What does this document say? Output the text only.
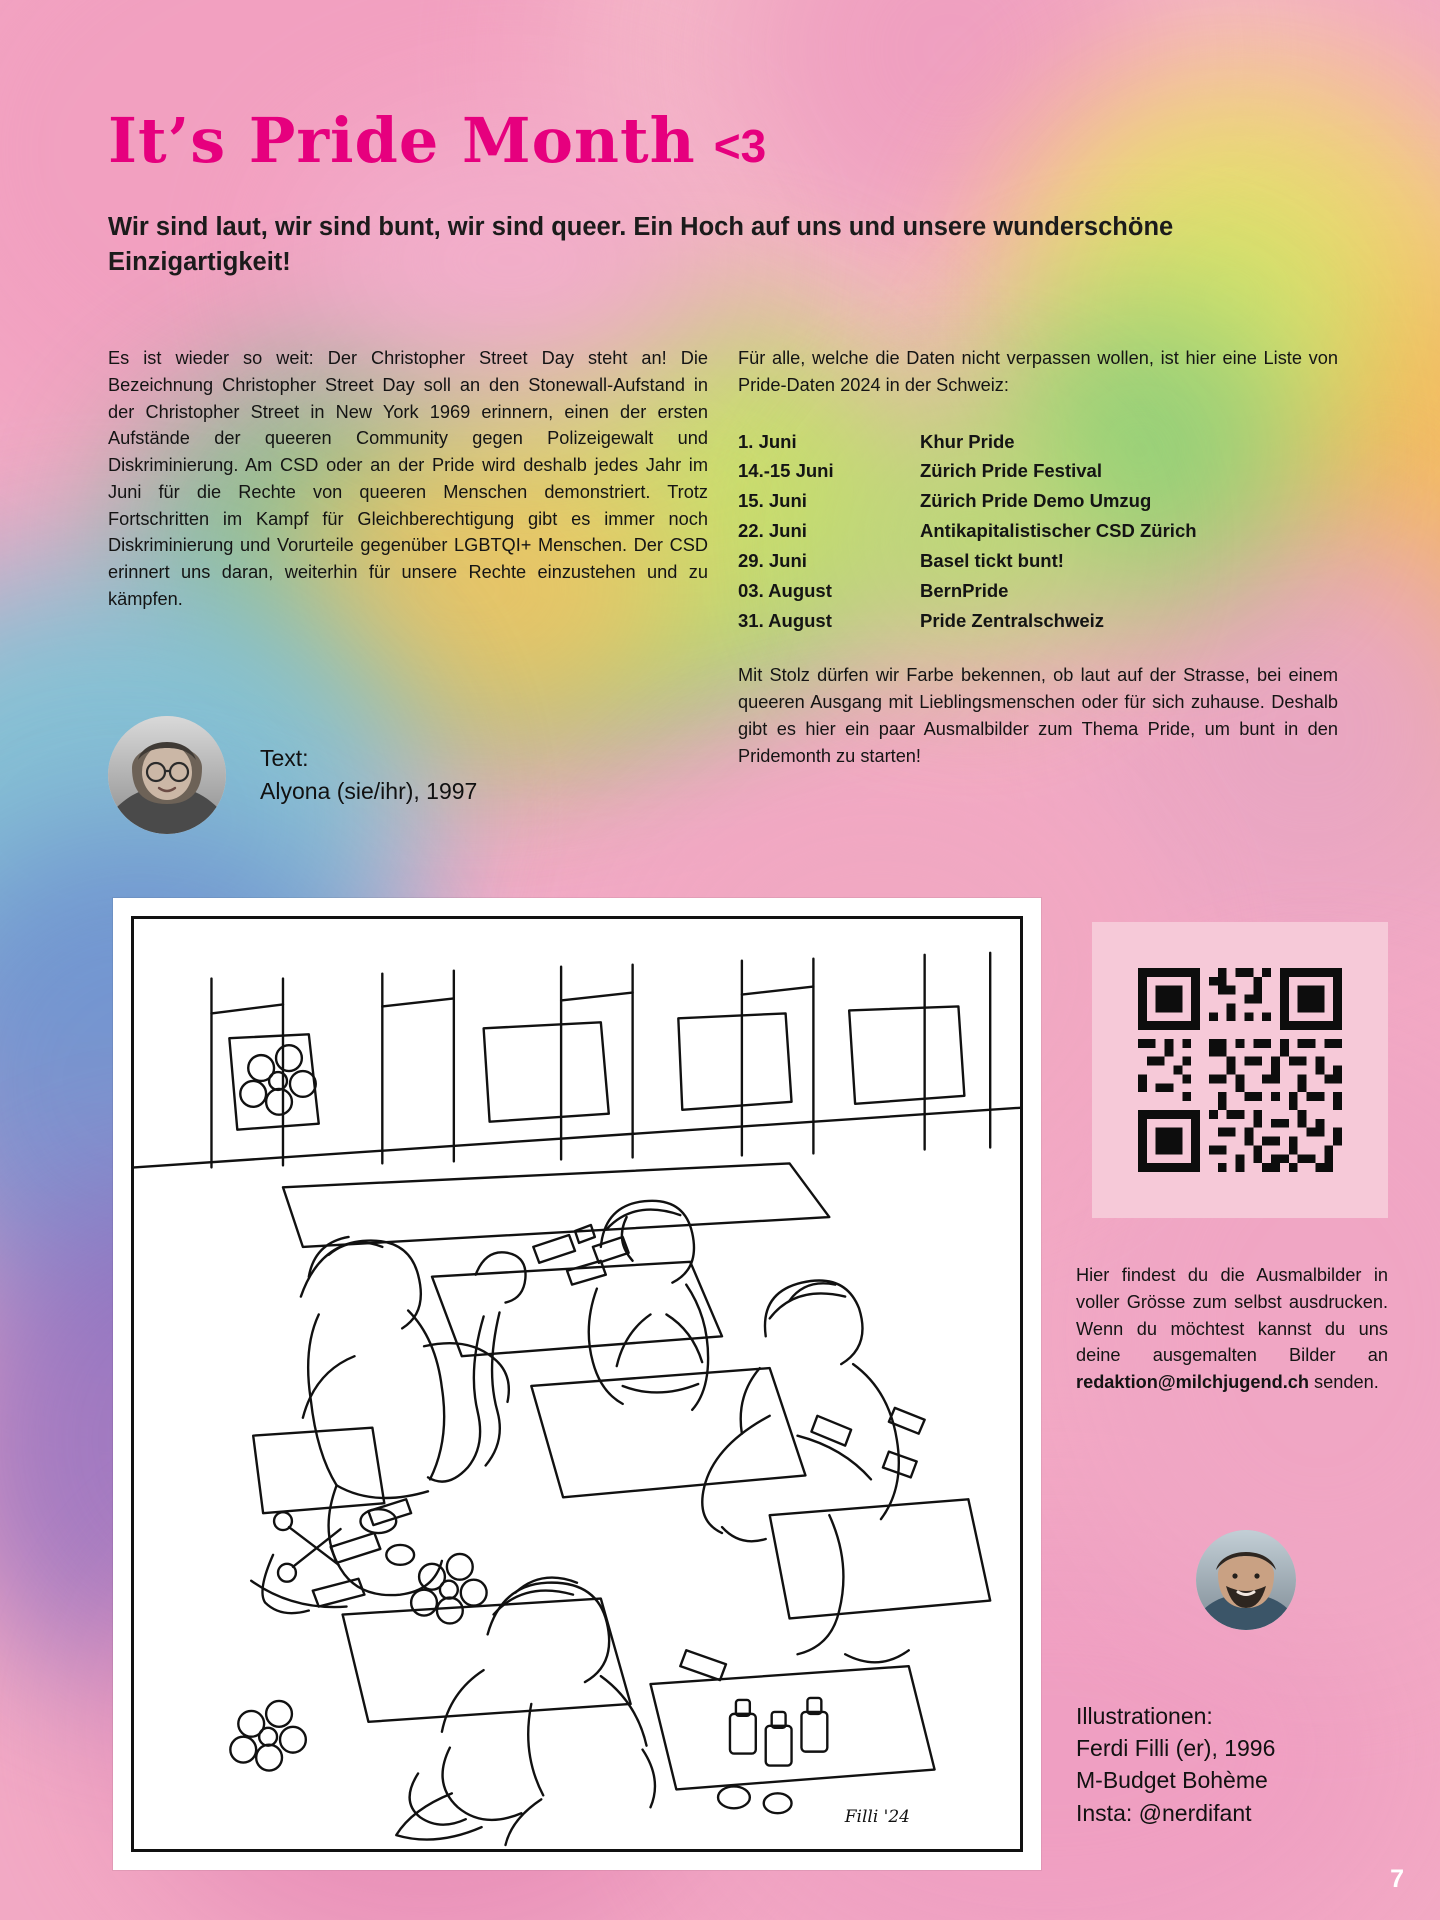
It’s Pride Month <3
Wir sind laut, wir sind bunt, wir sind queer. Ein Hoch auf uns und unsere wunderschöne Einzigartigkeit!
Es ist wieder so weit: Der Christopher Street Day steht an! Die Bezeichnung Christopher Street Day soll an den Stonewall-Aufstand in der Christopher Street in New York 1969 erinnern, einen der ersten Aufstände der queeren Community gegen Polizeigewalt und Diskriminierung. Am CSD oder an der Pride wird deshalb jedes Jahr im Juni für die Rechte von queeren Menschen demonstriert. Trotz Fortschritten im Kampf für Gleichberechtigung gibt es immer noch Diskriminierung und Vorurteile gegenüber LGBTQI+ Menschen. Der CSD erinnert uns daran, weiterhin für unsere Rechte einzustehen und zu kämpfen.
Für alle, welche die Daten nicht verpassen wollen, ist hier eine Liste von Pride-Daten 2024 in der Schweiz:
1. Juni	Khur Pride
14.-15 Juni	Zürich Pride Festival
15. Juni	Zürich Pride Demo Umzug
22. Juni	Antikapitalistischer CSD Zürich
29. Juni	Basel tickt bunt!
03. August	BernPride
31. August	Pride Zentralschweiz
Mit Stolz dürfen wir Farbe bekennen, ob laut auf der Strasse, bei einem queeren Ausgang mit Lieblingsmenschen oder für sich zuhause. Deshalb gibt es hier ein paar Ausmalbilder zum Thema Pride, um bunt in den Pridemonth zu starten!
Text:
Alyona (sie/ihr), 1997
Filli '24
Hier findest du die Ausmalbilder in voller Grösse zum selbst ausdrucken. Wenn du möchtest kannst du uns deine ausgemalten Bilder an redaktion@milchjugend.ch senden.
Illustrationen:
Ferdi Filli (er), 1996
M-Budget Bohème
Insta: @nerdifant
7
